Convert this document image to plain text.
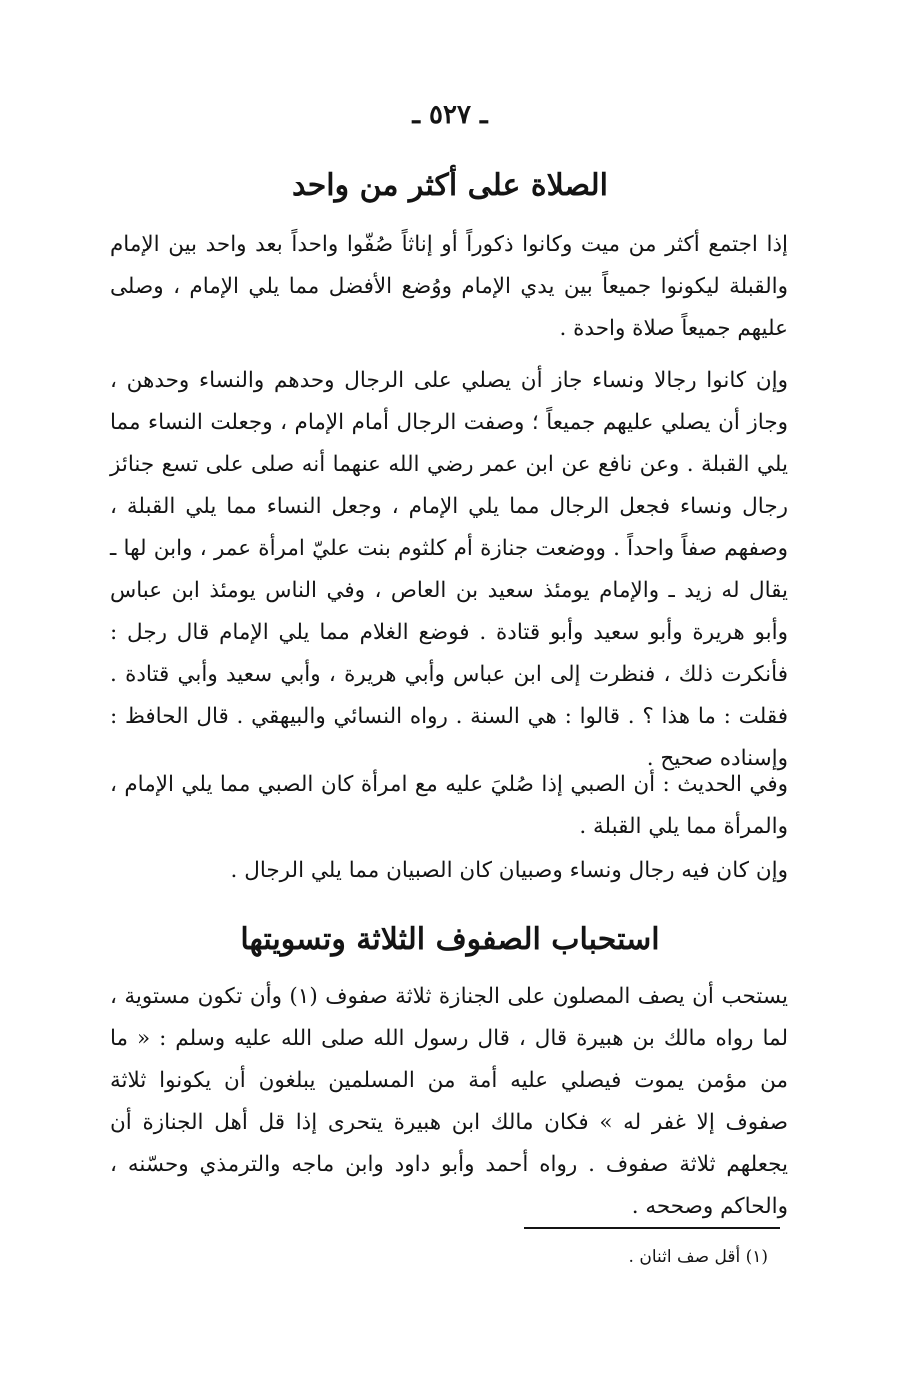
ـ ٥٢٧ ـ
الصلاة على أكثر من واحد

إذا اجتمع أكثر من ميت وكانوا ذكوراً أو إناثاً صُفّوا واحداً بعد واحد بين الإمام والقبلة ليكونوا جميعاً بين يدي الإمام ووُضع الأفضل مما يلي الإمام ، وصلى عليهم جميعاً صلاة واحدة .

وإن كانوا رجالا ونساء جاز أن يصلي على الرجال وحدهم والنساء وحدهن ، وجاز أن يصلي عليهم جميعاً ؛ وصفت الرجال أمام الإمام ، وجعلت النساء مما يلي القبلة . وعن نافع عن ابن عمر رضي الله عنهما أنه صلى على تسع جنائز رجال ونساء فجعل الرجال مما يلي الإمام ، وجعل النساء مما يلي القبلة ، وصفهم صفاً واحداً . ووضعت جنازة أم كلثوم بنت عليّ امرأة عمر ، وابن لها ـ يقال له زيد ـ والإمام يومئذ سعيد بن العاص ، وفي الناس يومئذ ابن عباس وأبو هريرة وأبو سعيد وأبو قتادة . فوضع الغلام مما يلي الإمام قال رجل : فأنكرت ذلك ، فنظرت إلى ابن عباس وأبي هريرة ، وأبي سعيد وأبي قتادة . فقلت : ما هذا ؟ . قالوا : هي السنة . رواه النسائي والبيهقي . قال الحافظ : وإسناده صحيح .

وفي الحديث : أن الصبي إذا صُليَ عليه مع امرأة كان الصبي مما يلي الإمام ، والمرأة مما يلي القبلة .

وإن كان فيه رجال ونساء وصبيان كان الصبيان مما يلي الرجال .

استحباب الصفوف الثلاثة وتسويتها

يستحب أن يصف المصلون على الجنازة ثلاثة صفوف (١) وأن تكون مستوية ، لما رواه مالك بن هبيرة قال ، قال رسول الله صلى الله عليه وسلم : « ما من مؤمن يموت فيصلي عليه أمة من المسلمين يبلغون أن يكونوا ثلاثة صفوف إلا غفر له » فكان مالك ابن هبيرة يتحرى إذا قل أهل الجنازة أن يجعلهم ثلاثة صفوف . رواه أحمد وأبو داود وابن ماجه والترمذي وحسّنه ، والحاكم وصححه .

(١) أقل صف اثنان .
